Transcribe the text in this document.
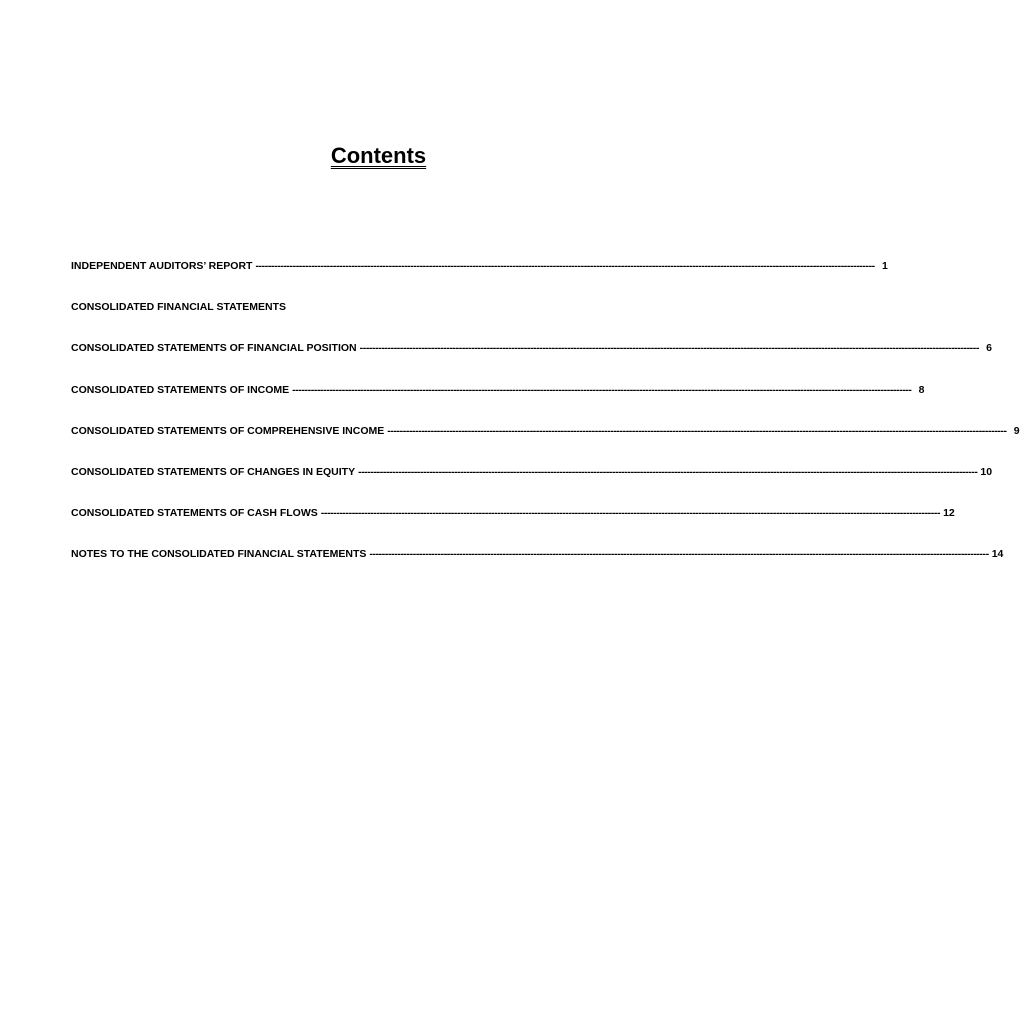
Contents
INDEPENDENT AUDITORS’ REPORT -------------------------------------------------------------------------------------------------------------------------------------------------------------------------------------------------------- 1
CONSOLIDATED FINANCIAL STATEMENTS
CONSOLIDATED STATEMENTS OF FINANCIAL POSITION -------------------------------------------------------------------------------------------------------------------------------------------------------------------------------------------------------- 6
CONSOLIDATED STATEMENTS OF INCOME -------------------------------------------------------------------------------------------------------------------------------------------------------------------------------------------------------- 8
CONSOLIDATED STATEMENTS OF COMPREHENSIVE INCOME -------------------------------------------------------------------------------------------------------------------------------------------------------------------------------------------------------- 9
CONSOLIDATED STATEMENTS OF CHANGES IN EQUITY -------------------------------------------------------------------------------------------------------------------------------------------------------------------------------------------------------- 10
CONSOLIDATED STATEMENTS OF CASH FLOWS -------------------------------------------------------------------------------------------------------------------------------------------------------------------------------------------------------- 12
NOTES TO THE CONSOLIDATED FINANCIAL STATEMENTS -------------------------------------------------------------------------------------------------------------------------------------------------------------------------------------------------------- 14
